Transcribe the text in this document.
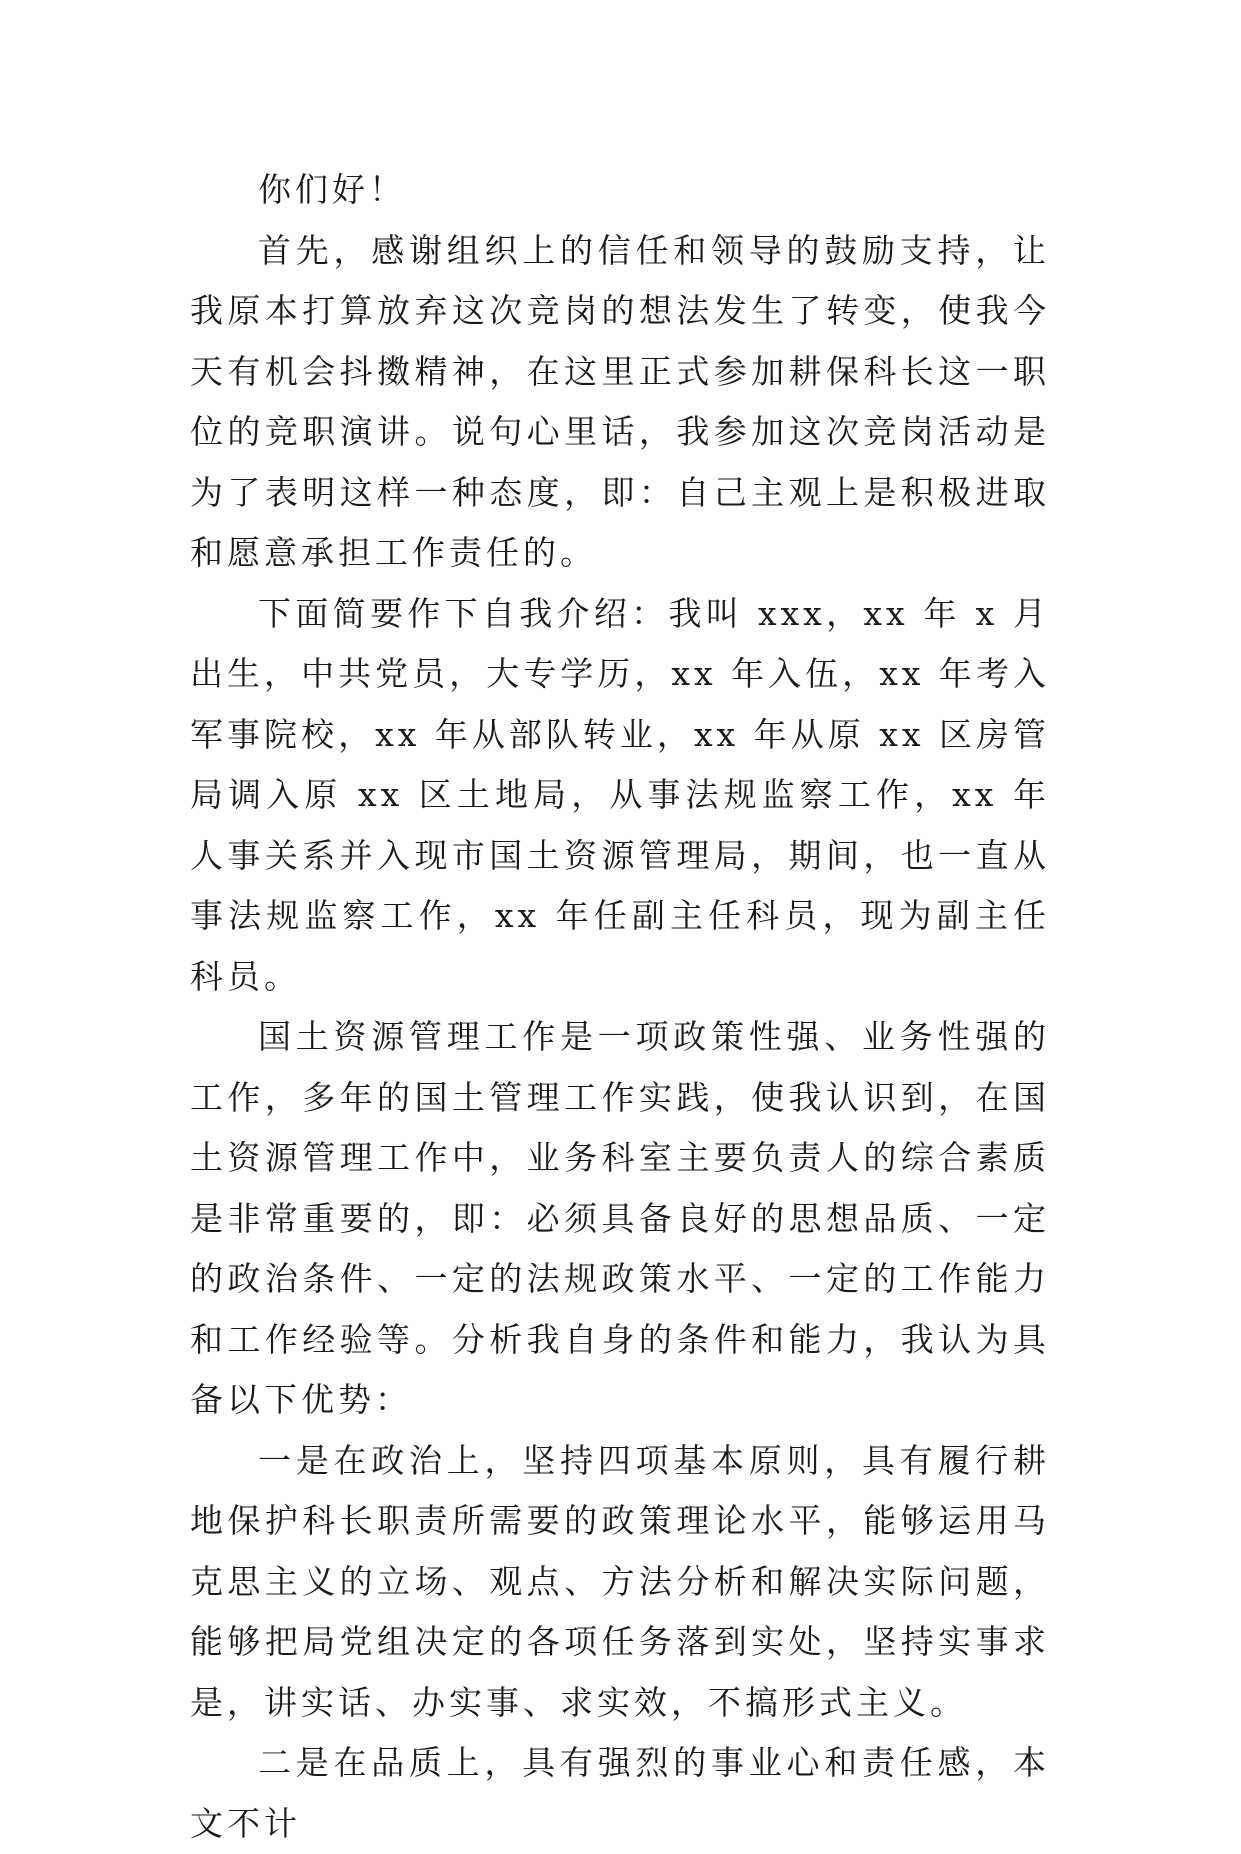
你们好！

首先，感谢组织上的信任和领导的鼓励支持，让我原本打算放弃这次竞岗的想法发生了转变，使我今天有机会抖擞精神，在这里正式参加耕保科长这一职位的竞职演讲。说句心里话，我参加这次竞岗活动是为了表明这样一种态度，即：自己主观上是积极进取和愿意承担工作责任的。

下面简要作下自我介绍：我叫 xxx，xx 年 x 月出生，中共党员，大专学历，xx 年入伍，xx 年考入军事院校，xx 年从部队转业，xx 年从原 xx 区房管局调入原 xx 区土地局，从事法规监察工作，xx 年人事关系并入现市国土资源管理局，期间，也一直从事法规监察工作，xx 年任副主任科员，现为副主任科员。

国土资源管理工作是一项政策性强、业务性强的工作，多年的国土管理工作实践，使我认识到，在国土资源管理工作中，业务科室主要负责人的综合素质是非常重要的，即：必须具备良好的思想品质、一定的政治条件、一定的法规政策水平、一定的工作能力和工作经验等。分析我自身的条件和能力，我认为具备以下优势：

一是在政治上，坚持四项基本原则，具有履行耕地保护科长职责所需要的政策理论水平，能够运用马克思主义的立场、观点、方法分析和解决实际问题，能够把局党组决定的各项任务落到实处，坚持实事求是，讲实话、办实事、求实效，不搞形式主义。

二是在品质上，具有强烈的事业心和责任感，本文不计
